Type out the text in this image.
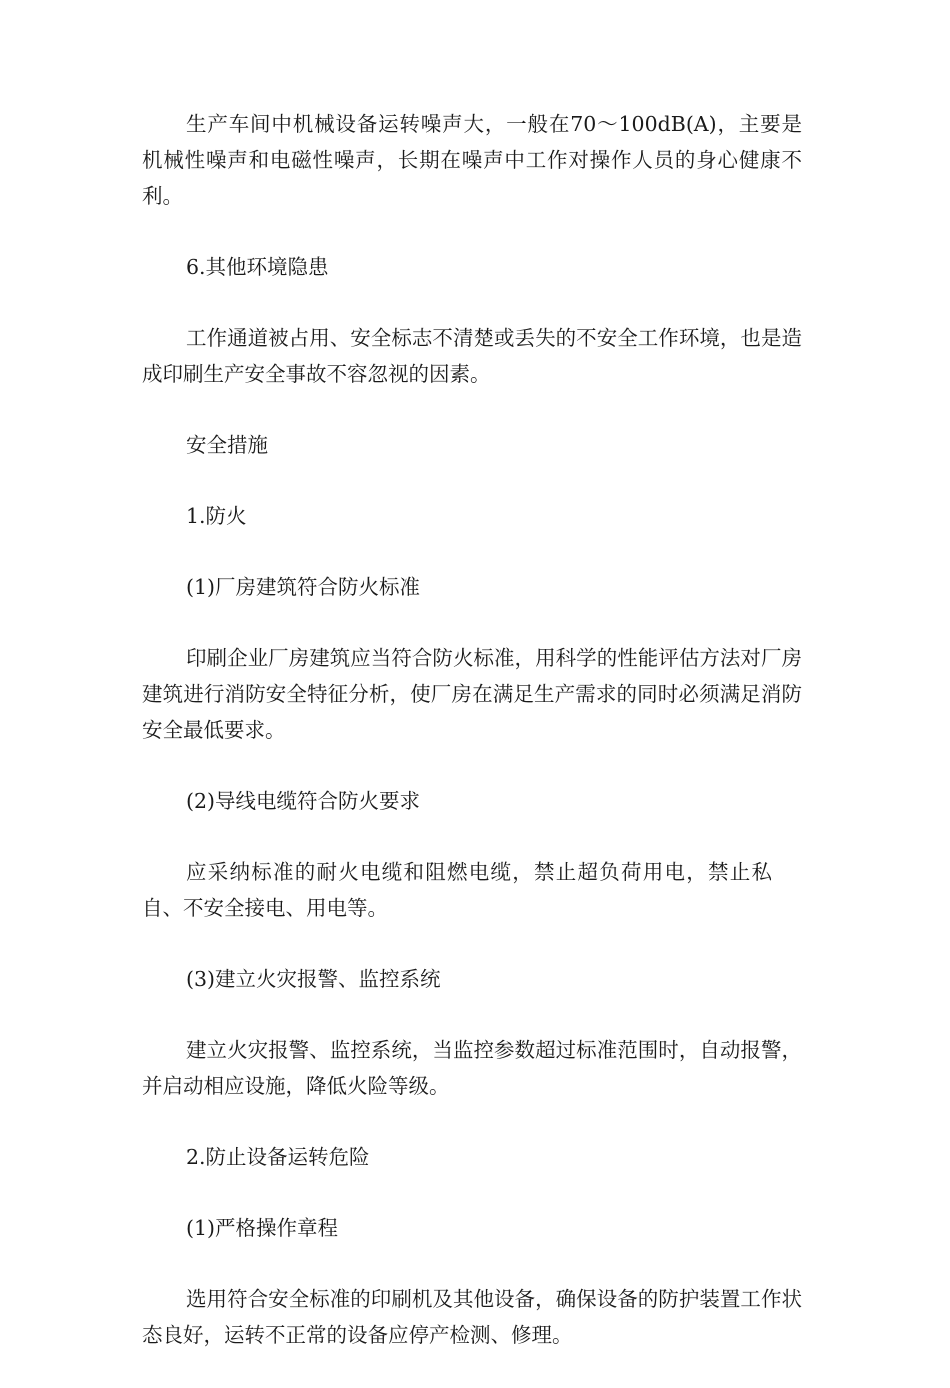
生产车间中机械设备运转噪声大，一般在70～100dB(A)，主要是机械性噪声和电磁性噪声，长期在噪声中工作对操作人员的身心健康不利。

6.其他环境隐患

工作通道被占用、安全标志不清楚或丢失的不安全工作环境，也是造成印刷生产安全事故不容忽视的因素。

安全措施

1.防火

(1)厂房建筑符合防火标准

印刷企业厂房建筑应当符合防火标准，用科学的性能评估方法对厂房建筑进行消防安全特征分析，使厂房在满足生产需求的同时必须满足消防安全最低要求。

(2)导线电缆符合防火要求

应采纳标准的耐火电缆和阻燃电缆，禁止超负荷用电，禁止私自、不安全接电、用电等。

(3)建立火灾报警、监控系统

建立火灾报警、监控系统，当监控参数超过标准范围时，自动报警，并启动相应设施，降低火险等级。

2.防止设备运转危险

(1)严格操作章程

选用符合安全标准的印刷机及其他设备，确保设备的防护装置工作状态良好，运转不正常的设备应停产检测、修理。
